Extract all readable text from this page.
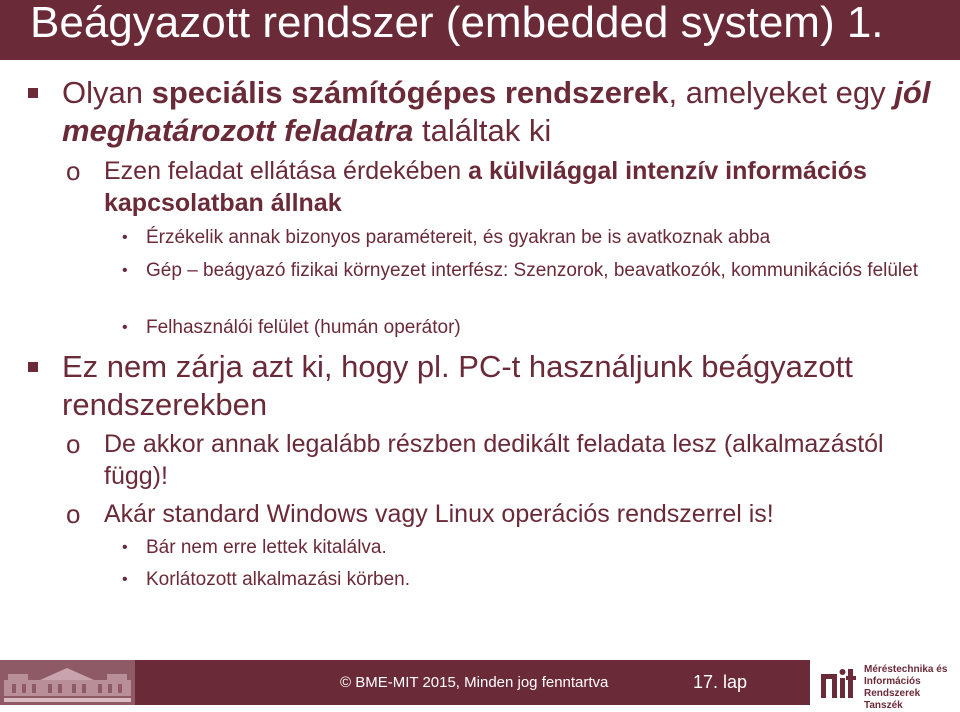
Beágyazott rendszer (embedded system) 1.
Olyan speciális számítógépes rendszerek, amelyeket egy jól meghatározott feladatra találtak ki
o Ezen feladat ellátása érdekében a külvilággal intenzív információs kapcsolatban állnak
• Érzékelik annak bizonyos paramétereit, és gyakran be is avatkoznak abba
• Gép – beágyazó fizikai környezet interfész: Szenzorok, beavatkozók, kommunikációs felület
• Felhasználói felület (humán operátor)
Ez nem zárja azt ki, hogy pl. PC-t használjunk beágyazott rendszerekben
o De akkor annak legalább részben dedikált feladata lesz (alkalmazástól függ)!
o Akár standard Windows vagy Linux operációs rendszerrel is!
• Bár nem erre lettek kitalálva.
• Korlátozott alkalmazási körben.
© BME-MIT 2015, Minden jog fenntartva	17. lap
Méréstechnika és
Információs Rendszerek
Tanszék
